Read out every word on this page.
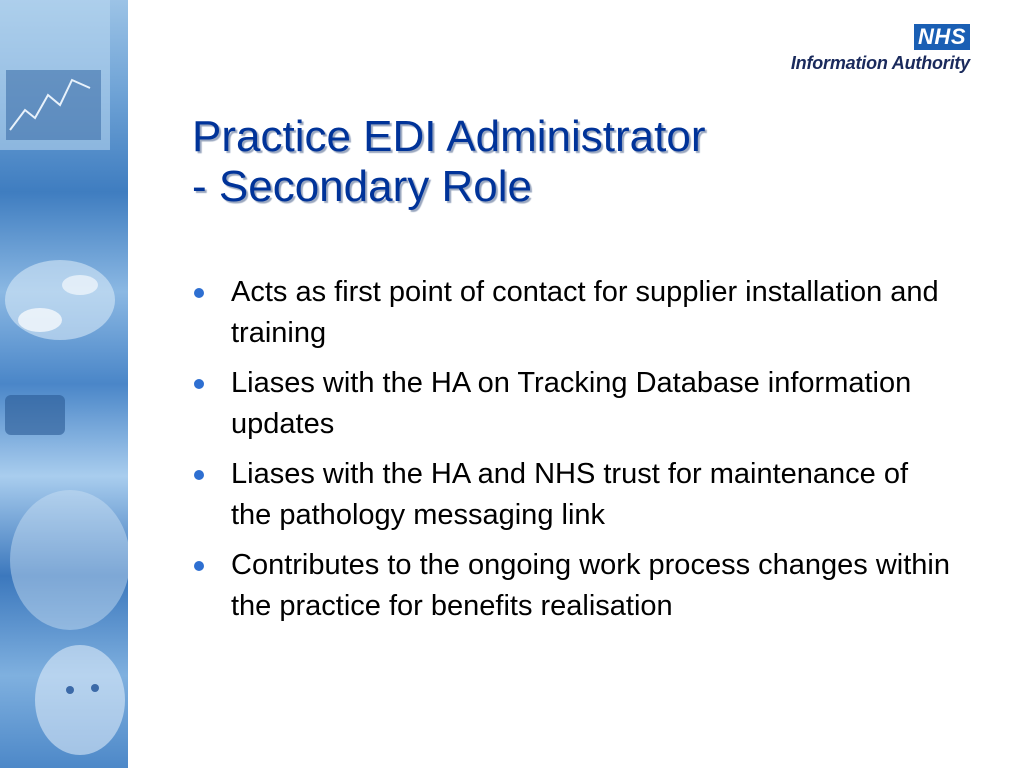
NHS
Information Authority
Practice EDI Administrator
- Secondary Role
Acts as first point of contact for supplier installation and training
Liases with the HA on Tracking Database information updates
Liases with the HA and NHS trust for maintenance of the pathology messaging link
Contributes to the ongoing work process changes within the practice for benefits realisation
